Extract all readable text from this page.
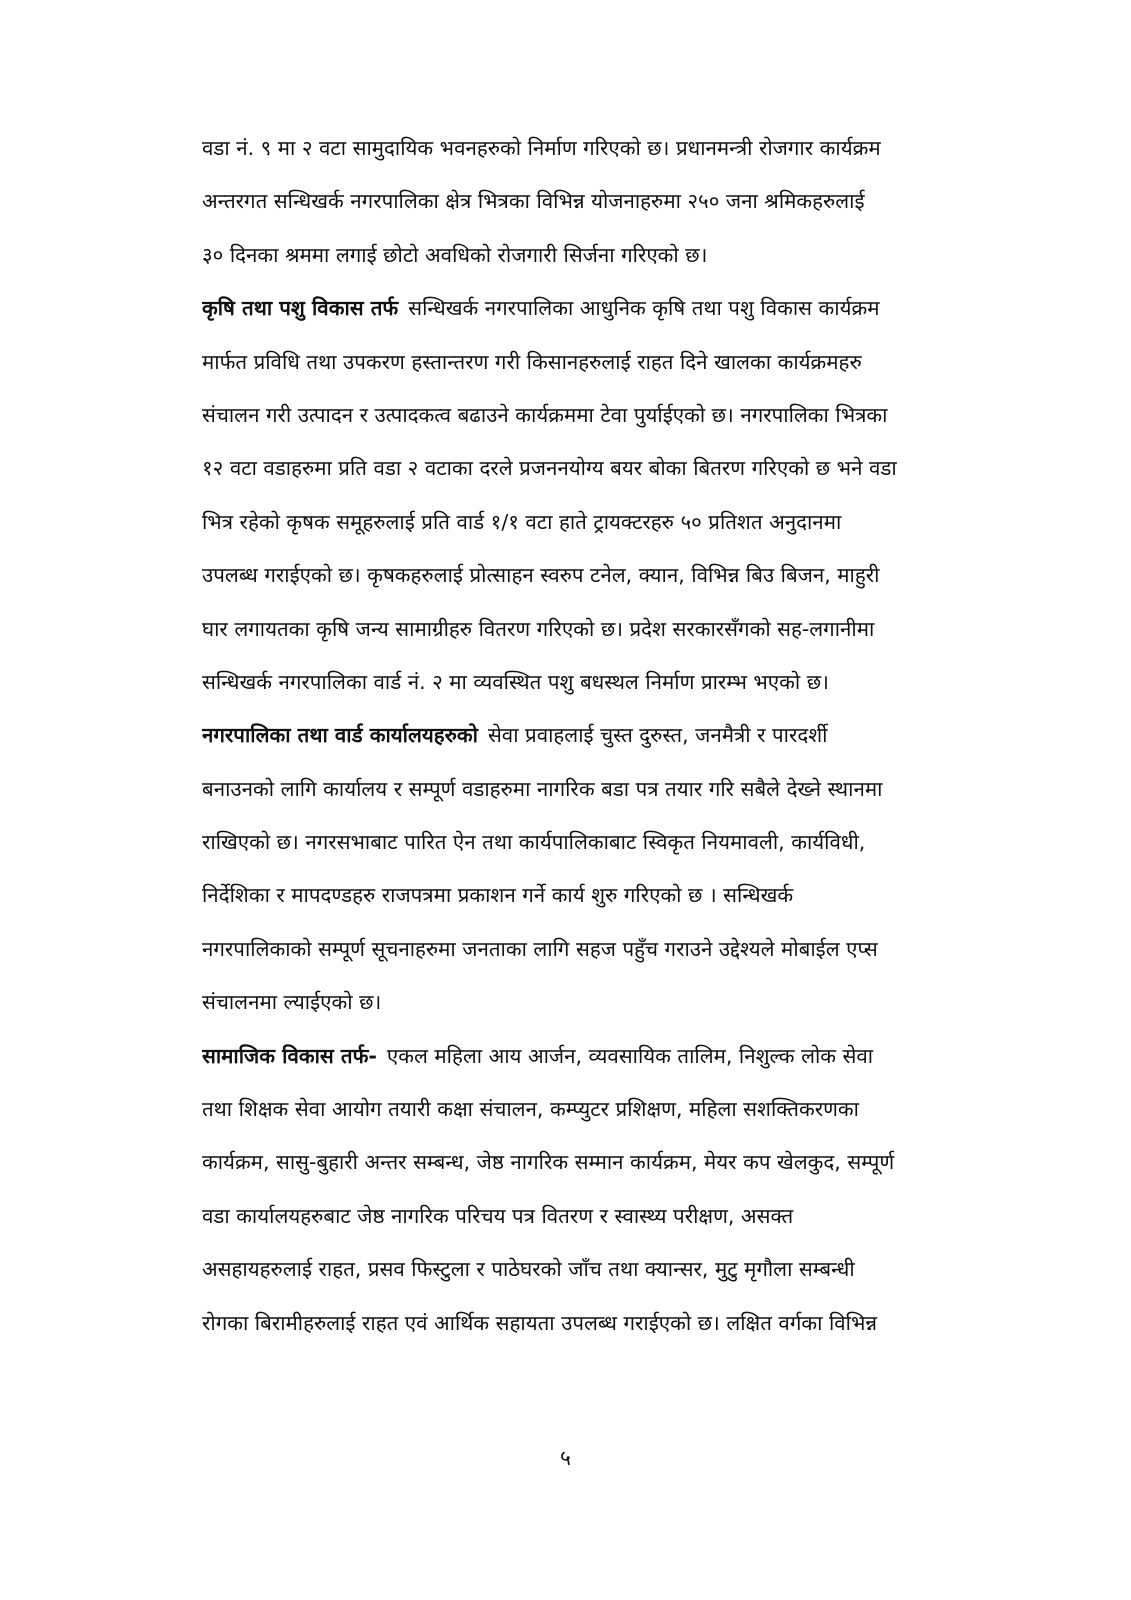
वडा नं. ९ मा २ वटा सामुदायिक भवनहरुको निर्माण गरिएको छ। प्रधानमन्त्री रोजगार कार्यक्रम
अन्तरगत सन्धिखर्क नगरपालिका क्षेत्र भित्रका विभिन्न योजनाहरुमा २५० जना श्रमिकहरुलाई
३० दिनका श्रममा लगाई छोटो अवधिको रोजगारी सिर्जना गरिएको छ।
कृषि तथा पशु विकास तर्फ सन्धिखर्क नगरपालिका आधुनिक कृषि तथा पशु विकास कार्यक्रम
मार्फत प्रविधि तथा उपकरण हस्तान्तरण गरी किसानहरुलाई राहत दिने खालका कार्यक्रमहरु
संचालन गरी उत्पादन र उत्पादकत्व बढाउने कार्यक्रममा टेवा पुर्याईएको छ। नगरपालिका भित्रका
१२ वटा वडाहरुमा प्रति वडा २ वटाका दरले प्रजननयोग्य बयर बोका बितरण गरिएको छ भने वडा
भित्र रहेको कृषक समूहरुलाई प्रति वार्ड १/१ वटा हाते ट्रायक्टरहरु ५० प्रतिशत अनुदानमा
उपलब्ध गराईएको छ। कृषकहरुलाई प्रोत्साहन स्वरुप टनेल, क्यान, विभिन्न बिउ बिजन, माहुरी
घार लगायतका कृषि जन्य सामाग्रीहरु वितरण गरिएको छ। प्रदेश सरकारसँगको सह-लगानीमा
सन्धिखर्क नगरपालिका वार्ड नं. २ मा व्यवस्थित पशु बधस्थल निर्माण प्रारम्भ भएको छ।
नगरपालिका तथा वार्ड कार्यालयहरुको सेवा प्रवाहलाई चुस्त दुरुस्त, जनमैत्री र पारदर्शी
बनाउनको लागि कार्यालय र सम्पूर्ण वडाहरुमा नागरिक बडा पत्र तयार गरि सबैले देख्ने स्थानमा
राखिएको छ। नगरसभाबाट पारित ऐन तथा कार्यपालिकाबाट स्विकृत नियमावली, कार्यविधी,
निर्देशिका र मापदण्डहरु राजपत्रमा प्रकाशन गर्ने कार्य शुरु गरिएको छ । सन्धिखर्क
नगरपालिकाको सम्पूर्ण सूचनाहरुमा जनताका लागि सहज पहुँच गराउने उद्देश्यले मोबाईल एप्स
संचालनमा ल्याईएको छ।
सामाजिक विकास तर्फ- एकल महिला आय आर्जन, व्यवसायिक तालिम, निशुल्क लोक सेवा
तथा शिक्षक सेवा आयोग तयारी कक्षा संचालन, कम्प्युटर प्रशिक्षण, महिला सशक्तिकरणका
कार्यक्रम, सासु-बुहारी अन्तर सम्बन्ध, जेष्ठ नागरिक सम्मान कार्यक्रम, मेयर कप खेलकुद, सम्पूर्ण
वडा कार्यालयहरुबाट जेष्ठ नागरिक परिचय पत्र वितरण र स्वास्थ्य परीक्षण, असक्त
असहायहरुलाई राहत, प्रसव फिस्टुला र पाठेघरको जाँच तथा क्यान्सर, मुटु मृगौला सम्बन्धी
रोगका बिरामीहरुलाई राहत एवं आर्थिक सहायता उपलब्ध गराईएको छ। लक्षित वर्गका विभिन्न
५
